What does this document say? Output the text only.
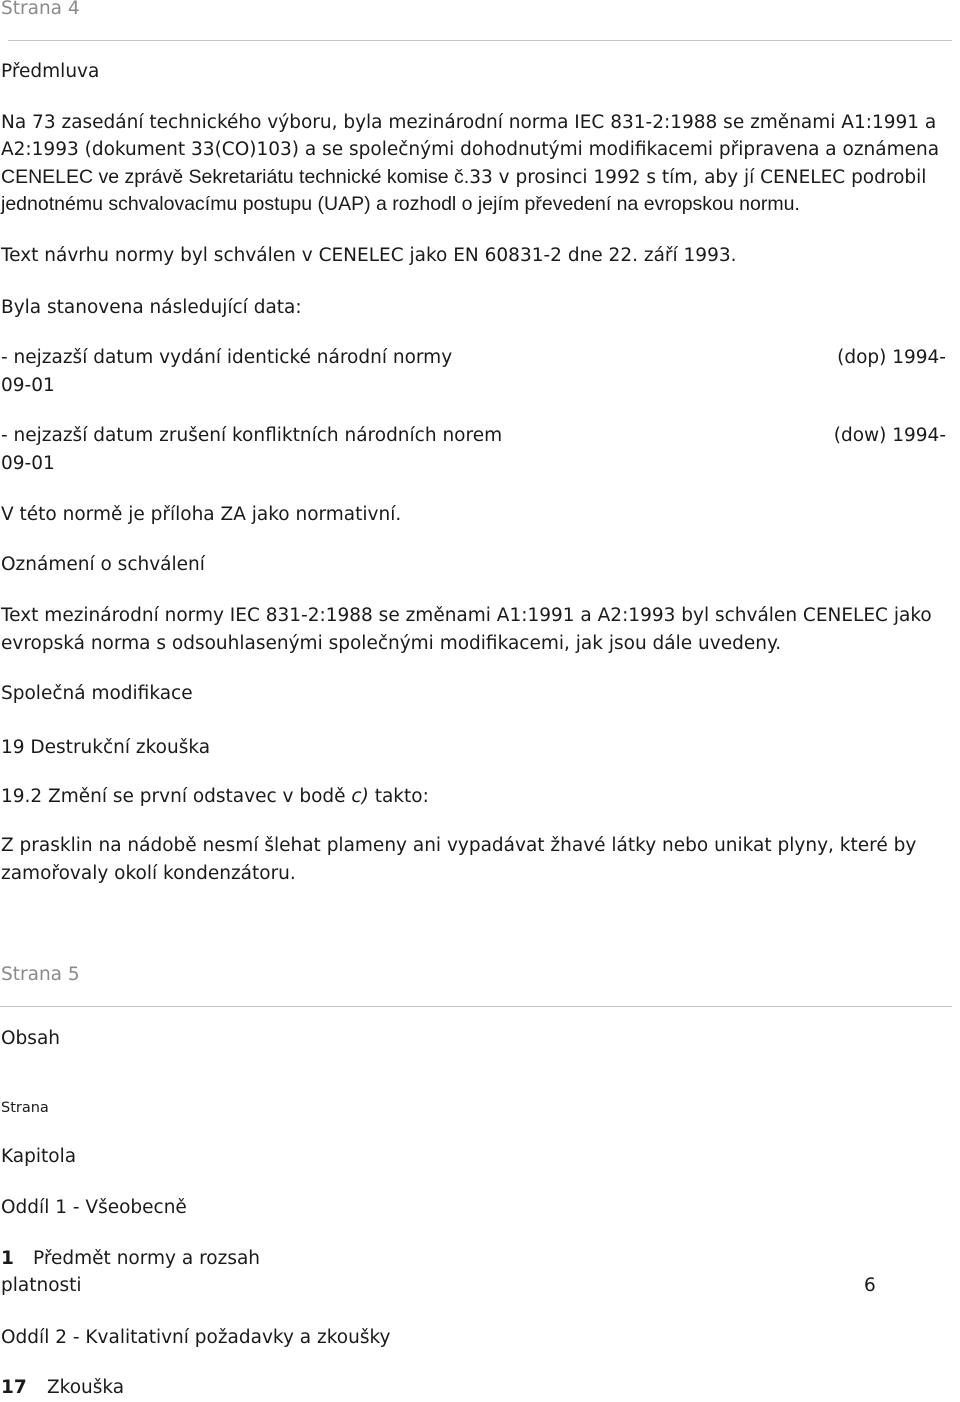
Strana 4

Předmluva

Na 73 zasedání technického výboru, byla mezinárodní norma IEC 831-2:1988 se změnami A1:1991 a

A2:1993 (dokument 33(CO)103) a se společnými dohodnutými modifikacemi připravena a oznámena

CENELEC ve zprávě Sekretariátu technické komise č.33 v prosinci 1992 s tím, aby jí CENELEC podrobil

jednotnému schvalovacímu postupu (UAP) a rozhodl o jejím převedení na evropskou normu.

Text návrhu normy byl schválen v CENELEC jako EN 60831-2 dne 22. září 1993.

Byla stanovena následující data:

- nejzazší datum vydání identické národní normy	(dop) 1994-

09-01

- nejzazší datum zrušení konfliktních národních norem	(dow) 1994-

09-01

V této normě je příloha ZA jako normativní.

Oznámení o schválení

Text mezinárodní normy IEC 831-2:1988 se změnami A1:1991 a A2:1993 byl schválen CENELEC jako

evropská norma s odsouhlasenými společnými modifikacemi, jak jsou dále uvedeny.

Společná modifikace

19 Destrukční zkouška

19.2 Změní se první odstavec v bodě c) takto:

Z prasklin na nádobě nesmí šlehat plameny ani vypadávat žhavé látky nebo unikat plyny, které by

zamořovaly okolí kondenzátoru.

Strana 5

Obsah

Strana

Kapitola

Oddíl 1 - Všeobecně

1 Předmět normy a rozsah

platnosti	6

Oddíl 2 - Kvalitativní požadavky a zkoušky

17 Zkouška
